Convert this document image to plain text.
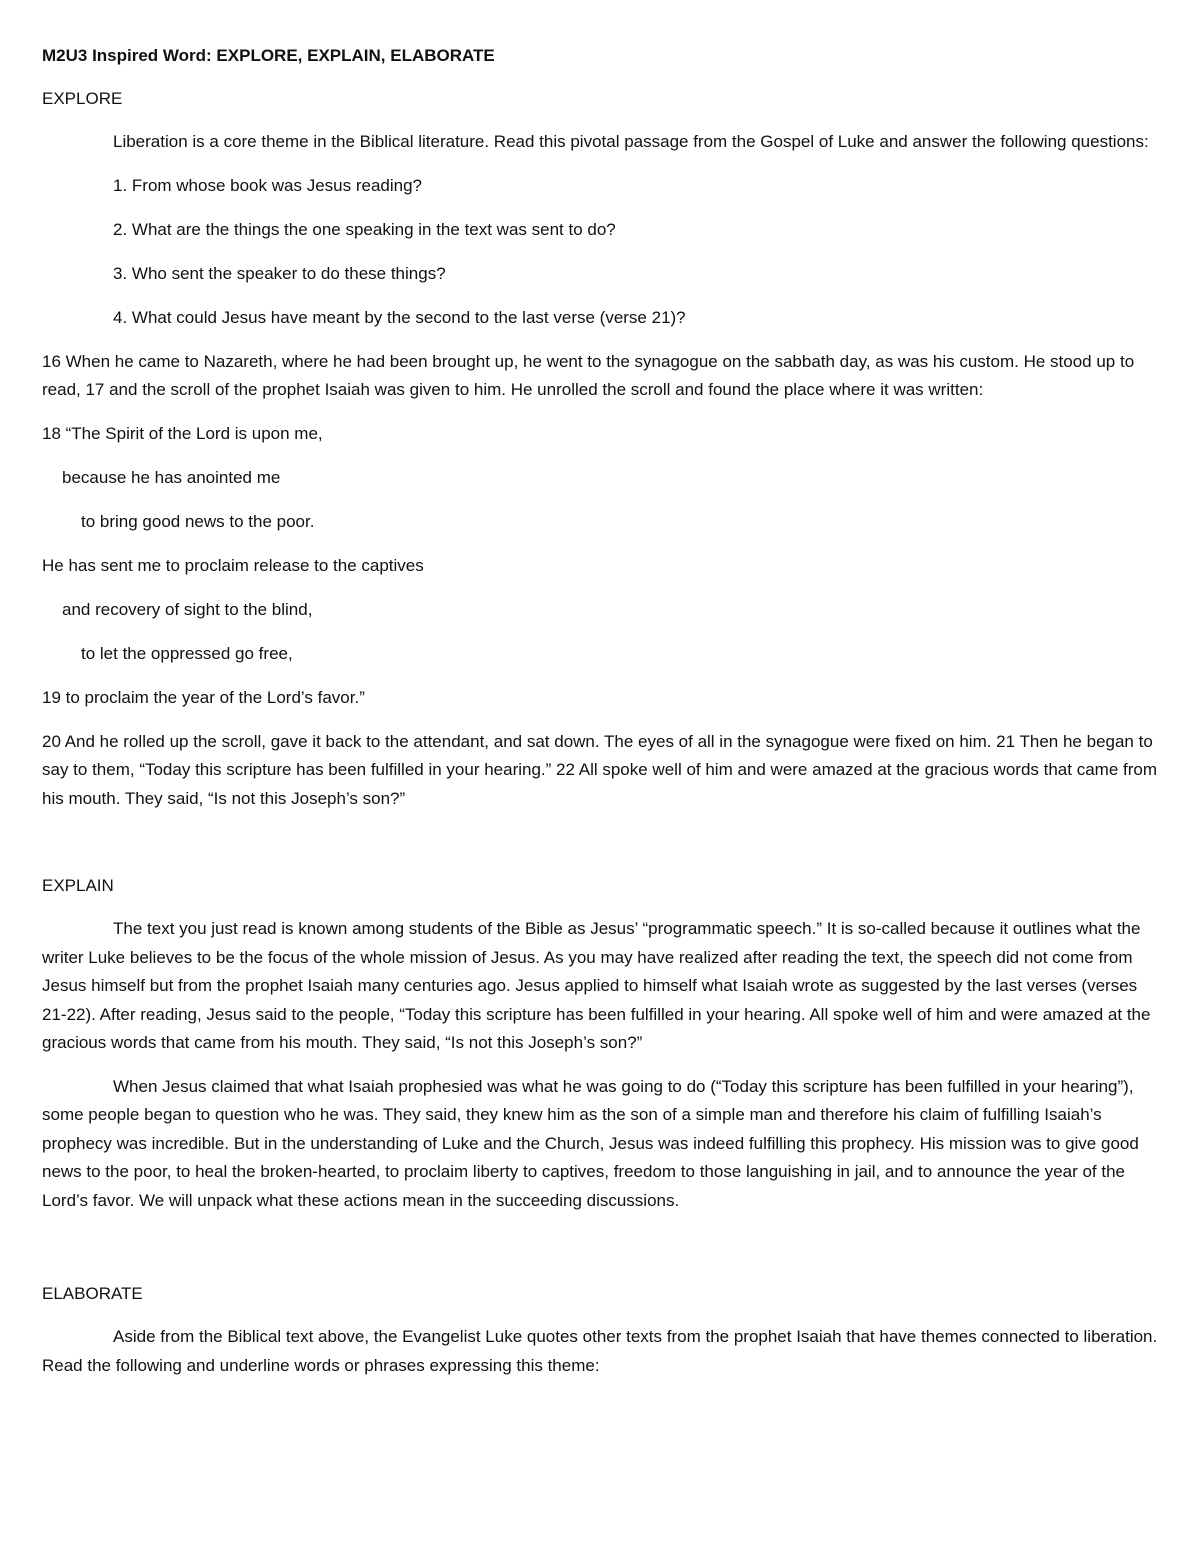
M2U3 Inspired Word: EXPLORE, EXPLAIN, ELABORATE
EXPLORE

Liberation is a core theme in the Biblical literature. Read this pivotal passage from the Gospel of Luke and answer the following questions:

1. From whose book was Jesus reading?
2. What are the things the one speaking in the text was sent to do?
3. Who sent the speaker to do these things?
4. What could Jesus have meant by the second to the last verse (verse 21)?

16 When he came to Nazareth, where he had been brought up, he went to the synagogue on the sabbath day, as was his custom. He stood up to read, 17 and the scroll of the prophet Isaiah was given to him. He unrolled the scroll and found the place where it was written:

18 “The Spirit of the Lord is upon me,
because he has anointed me
to bring good news to the poor.
He has sent me to proclaim release to the captives
and recovery of sight to the blind,
to let the oppressed go free,
19 to proclaim the year of the Lord’s favor.”

20 And he rolled up the scroll, gave it back to the attendant, and sat down. The eyes of all in the synagogue were fixed on him. 21 Then he began to say to them, “Today this scripture has been fulfilled in your hearing.” 22 All spoke well of him and were amazed at the gracious words that came from his mouth. They said, “Is not this Joseph’s son?”

EXPLAIN

The text you just read is known among students of the Bible as Jesus’ “programmatic speech.” It is so-called because it outlines what the writer Luke believes to be the focus of the whole mission of Jesus. As you may have realized after reading the text, the speech did not come from Jesus himself but from the prophet Isaiah many centuries ago. Jesus applied to himself what Isaiah wrote as suggested by the last verses (verses 21-22). After reading, Jesus said to the people, “Today this scripture has been fulfilled in your hearing. All spoke well of him and were amazed at the gracious words that came from his mouth. They said, “Is not this Joseph’s son?”

When Jesus claimed that what Isaiah prophesied was what he was going to do (“Today this scripture has been fulfilled in your hearing”), some people began to question who he was. They said, they knew him as the son of a simple man and therefore his claim of fulfilling Isaiah’s prophecy was incredible. But in the understanding of Luke and the Church, Jesus was indeed fulfilling this prophecy. His mission was to give good news to the poor, to heal the broken-hearted, to proclaim liberty to captives, freedom to those languishing in jail, and to announce the year of the Lord’s favor. We will unpack what these actions mean in the succeeding discussions.

ELABORATE

Aside from the Biblical text above, the Evangelist Luke quotes other texts from the prophet Isaiah that have themes connected to liberation. Read the following and underline words or phrases expressing this theme:
